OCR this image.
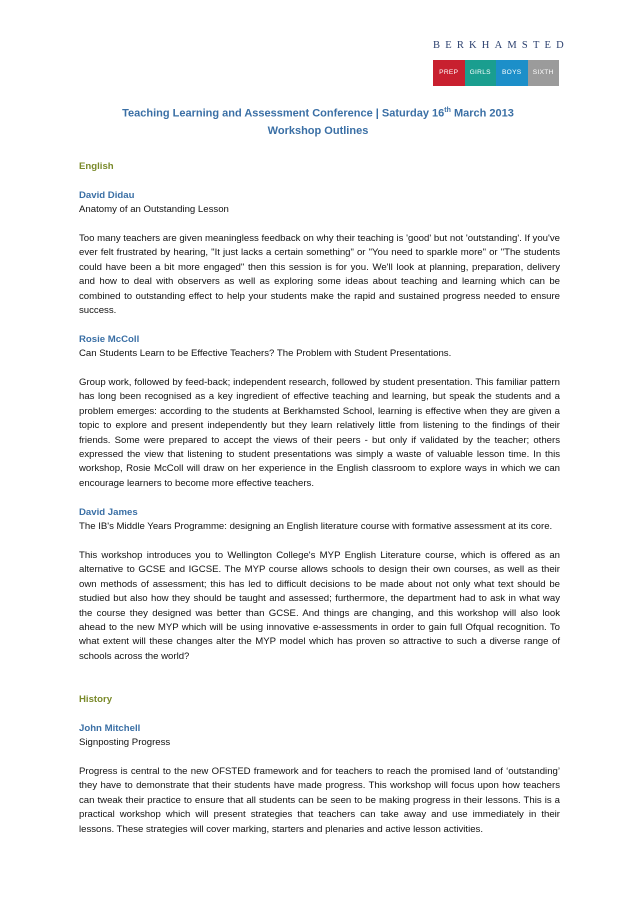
BERKHAMSTED
PREP	GIRLS	BOYS	SIXTH
Teaching Learning and Assessment Conference | Saturday 16th March 2013
Workshop Outlines

English

David Didau

Anatomy of an Outstanding Lesson

Too many teachers are given meaningless feedback on why their teaching is 'good' but not 'outstanding'. If you've ever felt frustrated by hearing, "It just lacks a certain something" or "You need to sparkle more" or "The students could have been a bit more engaged" then this session is for you. We'll look at planning, preparation, delivery and how to deal with observers as well as exploring some ideas about teaching and learning which can be combined to outstanding effect to help your students make the rapid and sustained progress needed to ensure success.

Rosie McColl

Can Students Learn to be Effective Teachers? The Problem with Student Presentations.

Group work, followed by feed-back; independent research, followed by student presentation. This familiar pattern has long been recognised as a key ingredient of effective teaching and learning, but speak the students and a problem emerges: according to the students at Berkhamsted School, learning is effective when they are given a topic to explore and present independently but they learn relatively little from listening to the findings of their friends. Some were prepared to accept the views of their peers - but only if validated by the teacher; others expressed the view that listening to student presentations was simply a waste of valuable lesson time. In this workshop, Rosie McColl will draw on her experience in the English classroom to explore ways in which we can encourage learners to become more effective teachers.

David James

The IB's Middle Years Programme: designing an English literature course with formative assessment at its core.

This workshop introduces you to Wellington College's MYP English Literature course, which is offered as an alternative to GCSE and IGCSE. The MYP course allows schools to design their own courses, as well as their own methods of assessment; this has led to difficult decisions to be made about not only what text should be studied but also how they should be taught and assessed; furthermore, the department had to ask in what way the course they designed was better than GCSE. And things are changing, and this workshop will also look ahead to the new MYP which will be using innovative e-assessments in order to gain full Ofqual recognition. To what extent will these changes alter the MYP model which has proven so attractive to such a diverse range of schools across the world?

History

John Mitchell

Signposting Progress

Progress is central to the new OFSTED framework and for teachers to reach the promised land of ‘outstanding’ they have to demonstrate that their students have made progress. This workshop will focus upon how teachers can tweak their practice to ensure that all students can be seen to be making progress in their lessons. This is a practical workshop which will present strategies that teachers can take away and use immediately in their lessons. These strategies will cover marking, starters and plenaries and active lesson activities.
